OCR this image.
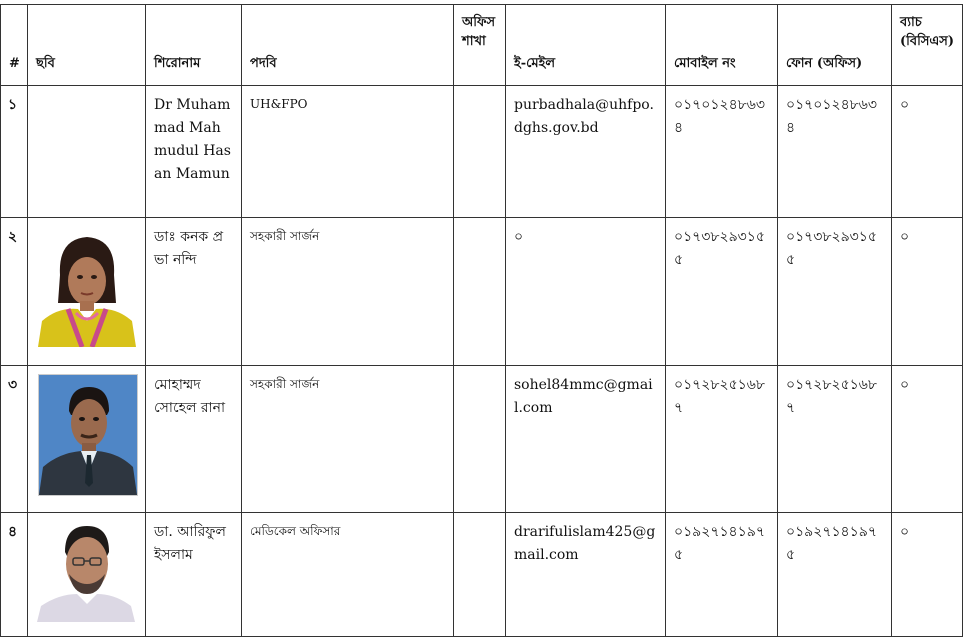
#	ছবি	শিরোনাম	পদবি	অফিস শাখা	ই-মেইল	মোবাইল নং	ফোন (অফিস)	ব্যাচ (বিসিএস)
১		Dr Muhammad Mahmudul Hasan Mamun	UH&FPO		purbadhala@uhfpo.dghs.gov.bd	০১৭০১২৪৮৬৩৪	০১৭০১২৪৮৬৩৪	০
২		ডাঃ কনক প্রভা নন্দি	সহকারী সার্জন		০	০১৭৩৮২৯৩১৫৫	০১৭৩৮২৯৩১৫৫	০
৩		মোহাম্মদ সোহেল রানা	সহকারী সার্জন		sohel84mmc@gmail.com	০১৭২৮২৫১৬৮৭	০১৭২৮২৫১৬৮৭	০
৪		ডা. আরিফুল ইসলাম	মেডিকেল অফিসার		drarifulislam425@gmail.com	০১৯২৭১৪১৯৭৫	০১৯২৭১৪১৯৭৫	০
